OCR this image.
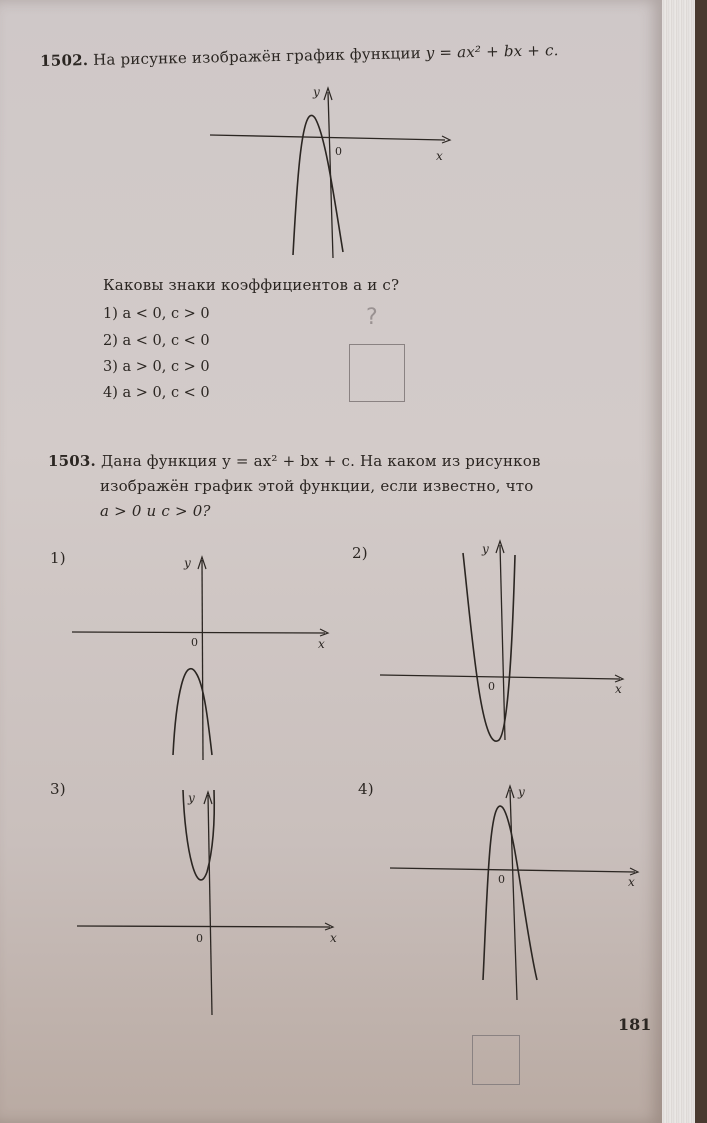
1502. На рисунке изображён график функции y = ax² + bx + c.
y
x
0
Каковы знаки коэффициентов a и c?
1) a < 0, c > 0
2) a < 0, c < 0
3) a > 0, c > 0
4) a > 0, c < 0
?
1503. Дана функция y = ax² + bx + c. На каком из рисунков
изображён график этой функции, если известно, что
a > 0 и c > 0?
1)	y
x
0
2)	y
x
0
3)	y
x
0
4)	y
x
0
181
